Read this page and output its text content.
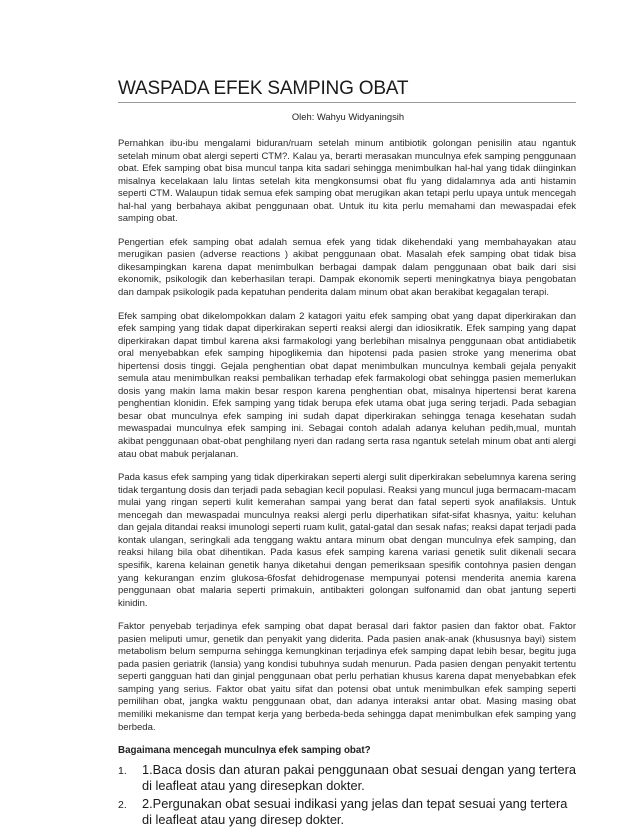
WASPADA EFEK SAMPING OBAT
Oleh: Wahyu Widyaningsih

Pernahkan ibu-ibu mengalami biduran/ruam setelah minum antibiotik golongan penisilin atau ngantuk setelah minum obat alergi seperti CTM?. Kalau ya, berarti merasakan munculnya efek samping penggunaan obat. Efek samping obat bisa muncul tanpa kita sadari sehingga menimbulkan hal-hal yang tidak diinginkan misalnya kecelakaan lalu lintas setelah kita mengkonsumsi obat flu yang didalamnya ada anti histamin seperti CTM. Walaupun tidak semua efek samping obat merugikan akan tetapi perlu upaya untuk mencegah hal-hal yang berbahaya akibat penggunaan obat. Untuk itu kita perlu memahami dan mewaspadai efek samping obat.

Pengertian efek samping obat adalah semua efek yang tidak dikehendaki yang membahayakan atau merugikan pasien (adverse reactions ) akibat penggunaan obat. Masalah efek samping obat tidak bisa dikesampingkan karena dapat menimbulkan berbagai dampak dalam penggunaan obat baik dari sisi ekonomik, psikologik dan keberhasilan terapi. Dampak ekonomik seperti meningkatnya biaya pengobatan dan dampak psikologik pada kepatuhan penderita dalam minum obat akan berakibat kegagalan terapi.

Efek samping obat dikelompokkan dalam 2 katagori yaitu efek samping obat yang dapat diperkirakan dan efek samping yang tidak dapat diperkirakan seperti reaksi alergi dan idiosikratik. Efek samping yang dapat diperkirakan dapat timbul karena aksi farmakologi yang berlebihan misalnya penggunaan obat antidiabetik oral menyebabkan efek samping hipoglikemia dan hipotensi pada pasien stroke yang menerima obat hipertensi dosis tinggi. Gejala penghentian obat dapat menimbulkan munculnya kembali gejala penyakit semula atau menimbulkan reaksi pembalikan terhadap efek farmakologi obat sehingga pasien memerlukan dosis yang makin lama makin besar respon karena penghentian obat, misalnya hipertensi berat karena penghentian klonidin. Efek samping yang tidak berupa efek utama obat juga sering terjadi. Pada sebagian besar obat munculnya efek samping ini sudah dapat diperkirakan sehingga tenaga kesehatan sudah mewaspadai munculnya efek samping ini. Sebagai contoh adalah adanya keluhan pedih,mual, muntah akibat penggunaan obat-obat penghilang nyeri dan radang serta rasa ngantuk setelah minum obat anti alergi atau obat mabuk perjalanan.

Pada kasus efek samping yang tidak diperkirakan seperti alergi sulit diperkirakan sebelumnya karena sering tidak tergantung dosis dan terjadi pada sebagian kecil populasi. Reaksi yang muncul juga bermacam-macam mulai yang ringan seperti kulit kemerahan sampai yang berat dan fatal seperti syok anafilaksis. Untuk mencegah dan mewaspadai munculnya reaksi alergi perlu diperhatikan sifat-sifat khasnya, yaitu: keluhan dan gejala ditandai reaksi imunologi seperti ruam kulit, gatal-gatal dan sesak nafas; reaksi dapat terjadi pada kontak ulangan, seringkali ada tenggang waktu antara minum obat dengan munculnya efek samping, dan reaksi hilang bila obat dihentikan. Pada kasus efek samping karena variasi genetik sulit dikenali secara spesifik, karena kelainan genetik hanya diketahui dengan pemeriksaan spesifik contohnya pasien dengan yang kekurangan enzim glukosa-6fosfat dehidrogenase mempunyai potensi menderita anemia karena penggunaan obat malaria seperti primakuin, antibakteri golongan sulfonamid dan obat jantung seperti kinidin.

Faktor penyebab terjadinya efek samping obat dapat berasal dari faktor pasien dan faktor obat. Faktor pasien meliputi umur, genetik dan penyakit yang diderita. Pada pasien anak-anak (khususnya bayi) sistem metabolism belum sempurna sehingga kemungkinan terjadinya efek samping dapat lebih besar, begitu juga pada pasien geriatrik (lansia) yang kondisi tubuhnya sudah menurun. Pada pasien dengan penyakit tertentu seperti gangguan hati dan ginjal penggunaan obat perlu perhatian khusus karena dapat menyebabkan efek samping yang serius. Faktor obat yaitu sifat dan potensi obat untuk menimbulkan efek samping seperti pemilihan obat, jangka waktu penggunaan obat, dan adanya interaksi antar obat. Masing masing obat memiliki mekanisme dan tempat kerja yang berbeda-beda sehingga dapat menimbulkan efek samping yang berbeda.

Bagaimana mencegah munculnya efek samping obat?
1. 1.Baca dosis dan aturan pakai penggunaan obat sesuai dengan yang tertera di leafleat atau yang diresepkan dokter.
2. 2.Pergunakan obat sesuai indikasi yang jelas dan tepat sesuai yang tertera di leafleat atau yang diresep dokter.
